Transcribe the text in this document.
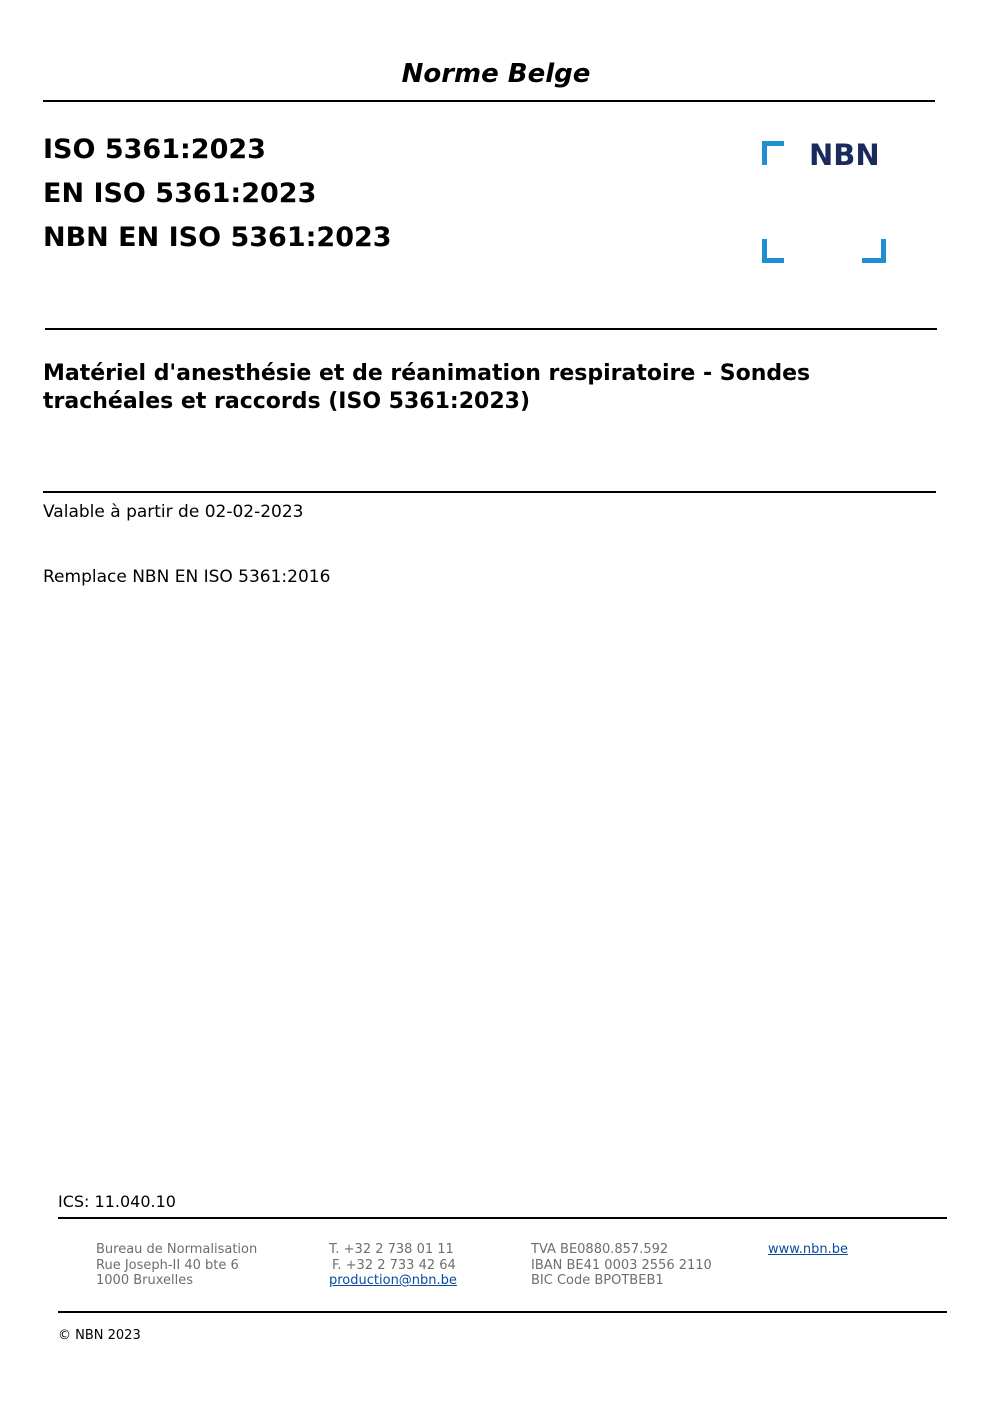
Norme Belge
ISO 5361:2023
EN ISO 5361:2023
NBN EN ISO 5361:2023
NBN
Matériel d'anesthésie et de réanimation respiratoire - Sondes trachéales et raccords (ISO 5361:2023)
Valable à partir de 02-02-2023
Remplace NBN EN ISO 5361:2016
ICS: 11.040.10
Bureau de Normalisation
Rue Joseph-II 40 bte 6
1000 Bruxelles
T. +32 2 738 01 11
F. +32 2 733 42 64
production@nbn.be
TVA BE0880.857.592
IBAN BE41 0003 2556 2110
BIC Code BPOTBEB1
www.nbn.be
© NBN 2023
